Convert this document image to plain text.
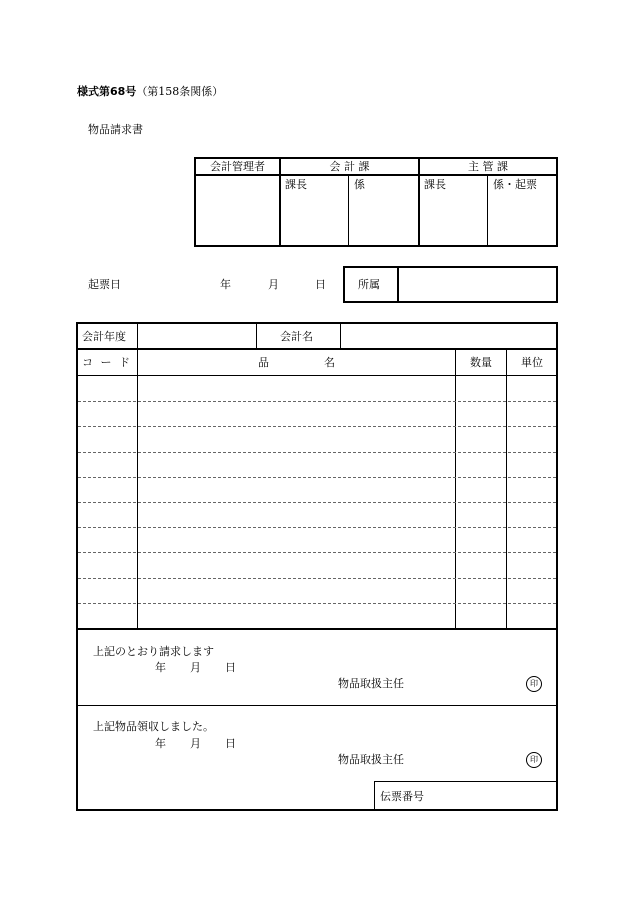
様式第68号（第158条関係）
物品請求書
会計管理者	会 計 課	主 管 課
課長	係	課長	係・起票
起票日	年	月	日	所属
会計年度	会計名
コ ー ド	品　　　　　名	数量	単位
上記のとおり請求します
年 月 日
物品取扱主任	印
上記物品領収しました。
年 月 日
物品取扱主任	印
伝票番号
